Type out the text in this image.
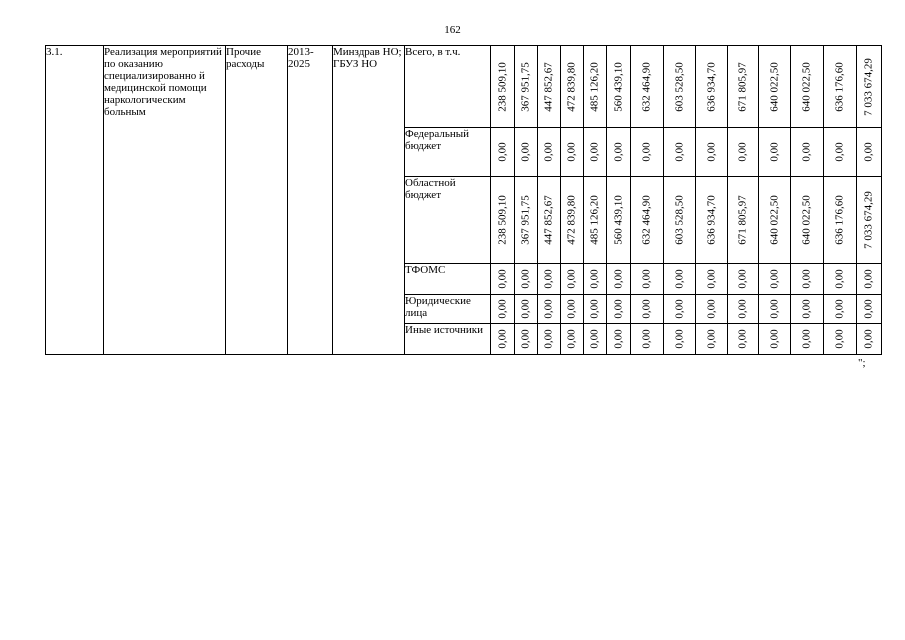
162
3.1.	Реализация мероприятий по оказанию специализированно й медицинской помощи наркологическим больным	Прочие расходы	2013-2025	Минздрав НО; ГБУЗ НО	Всего, в т.ч.	238 509,10	367 951,75	447 852,67	472 839,80	485 126,20	560 439,10	632 464,90	603 528,50	636 934,70	671 805,97	640 022,50	640 022,50	636 176,60	7 033 674,29

					Федеральный бюджет	0,00	0,00	0,00	0,00	0,00	0,00	0,00	0,00	0,00	0,00	0,00	0,00	0,00	0,00

					Областной бюджет	238 509,10	367 951,75	447 852,67	472 839,80	485 126,20	560 439,10	632 464,90	603 528,50	636 934,70	671 805,97	640 022,50	640 022,50	636 176,60	7 033 674,29

					ТФОМС	0,00	0,00	0,00	0,00	0,00	0,00	0,00	0,00	0,00	0,00	0,00	0,00	0,00	0,00

					Юридические лица	0,00	0,00	0,00	0,00	0,00	0,00	0,00	0,00	0,00	0,00	0,00	0,00	0,00	0,00

					Иные источники	0,00	0,00	0,00	0,00	0,00	0,00	0,00	0,00	0,00	0,00	0,00	0,00	0,00	0,00
";
